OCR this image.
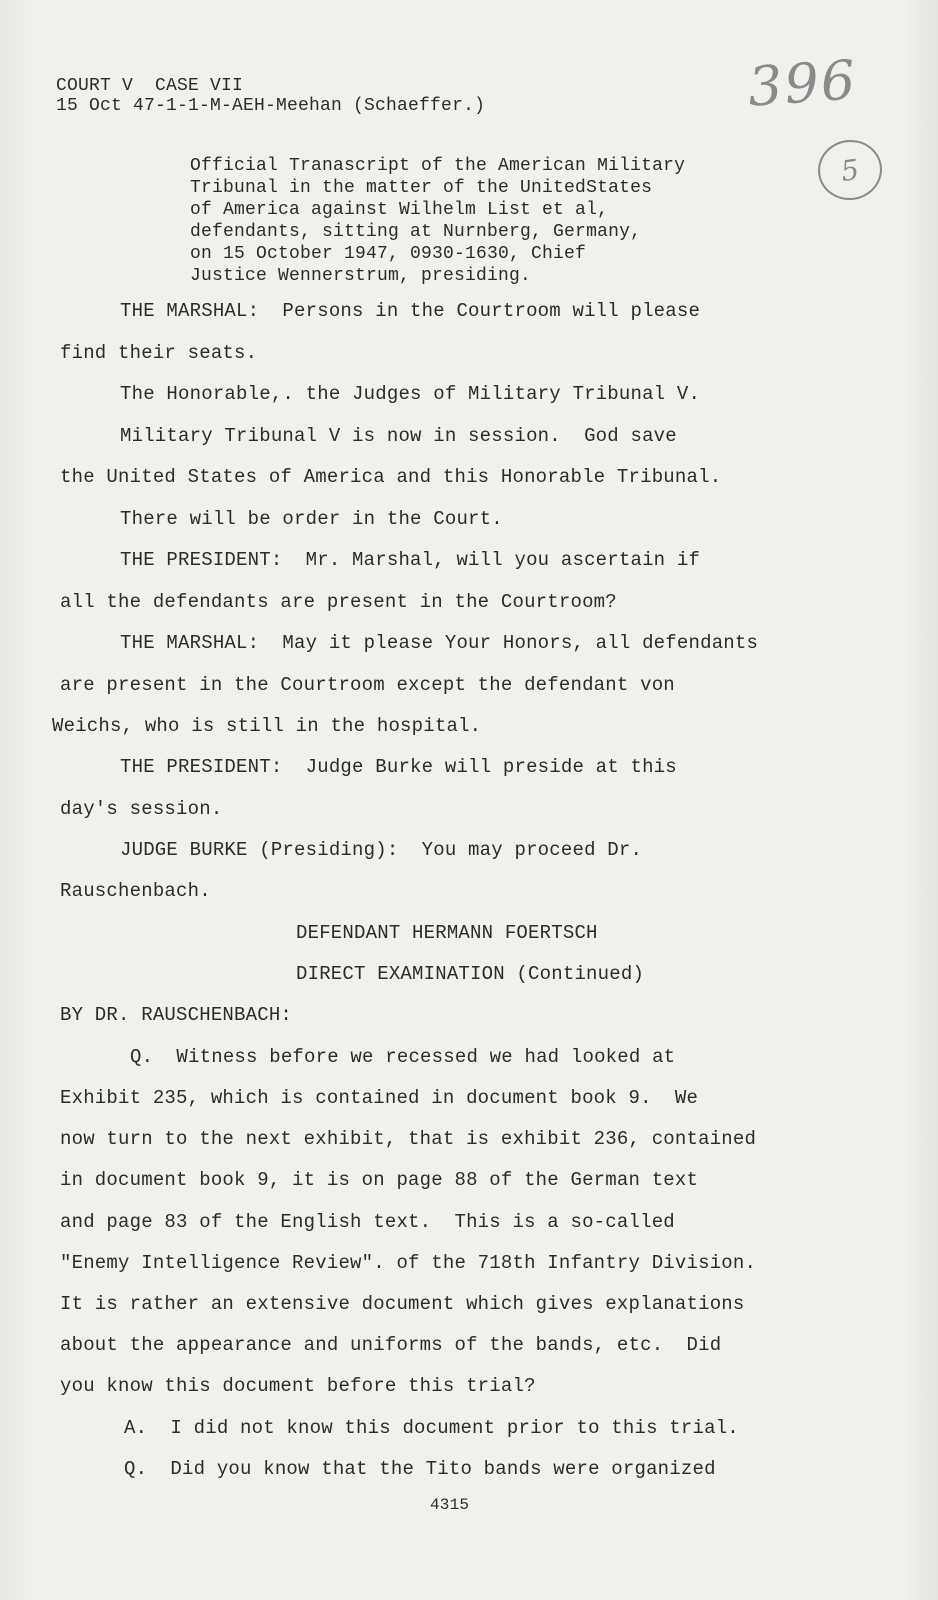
COURT V  CASE VII
15 Oct 47-1-1-M-AEH-Meehan (Schaeffer.)	396
5
Official Tranascript of the American Military
Tribunal in the matter of the UnitedStates
of America against Wilhelm List et al,
defendants, sitting at Nurnberg, Germany,
on 15 October 1947, 0930-1630, Chief
Justice Wennerstrum, presiding.
THE MARSHAL:  Persons in the Courtroom will please
find their seats.
The Honorable,. the Judges of Military Tribunal V.
Military Tribunal V is now in session.  God save
the United States of America and this Honorable Tribunal.
There will be order in the Court.
THE PRESIDENT:  Mr. Marshal, will you ascertain if
all the defendants are present in the Courtroom?
THE MARSHAL:  May it please Your Honors, all defendants
are present in the Courtroom except the defendant von
Weichs, who is still in the hospital.
THE PRESIDENT:  Judge Burke will preside at this
day's session.
JUDGE BURKE (Presiding):  You may proceed Dr.
Rauschenbach.
DEFENDANT HERMANN FOERTSCH
DIRECT EXAMINATION (Continued)
BY DR. RAUSCHENBACH:
Q.  Witness before we recessed we had looked at
Exhibit 235, which is contained in document book 9.  We
now turn to the next exhibit, that is exhibit 236, contained
in document book 9, it is on page 88 of the German text
and page 83 of the English text.  This is a so-called
"Enemy Intelligence Review". of the 718th Infantry Division.
It is rather an extensive document which gives explanations
about the appearance and uniforms of the bands, etc.  Did
you know this document before this trial?
A.  I did not know this document prior to this trial.
Q.  Did you know that the Tito bands were organized
4315
